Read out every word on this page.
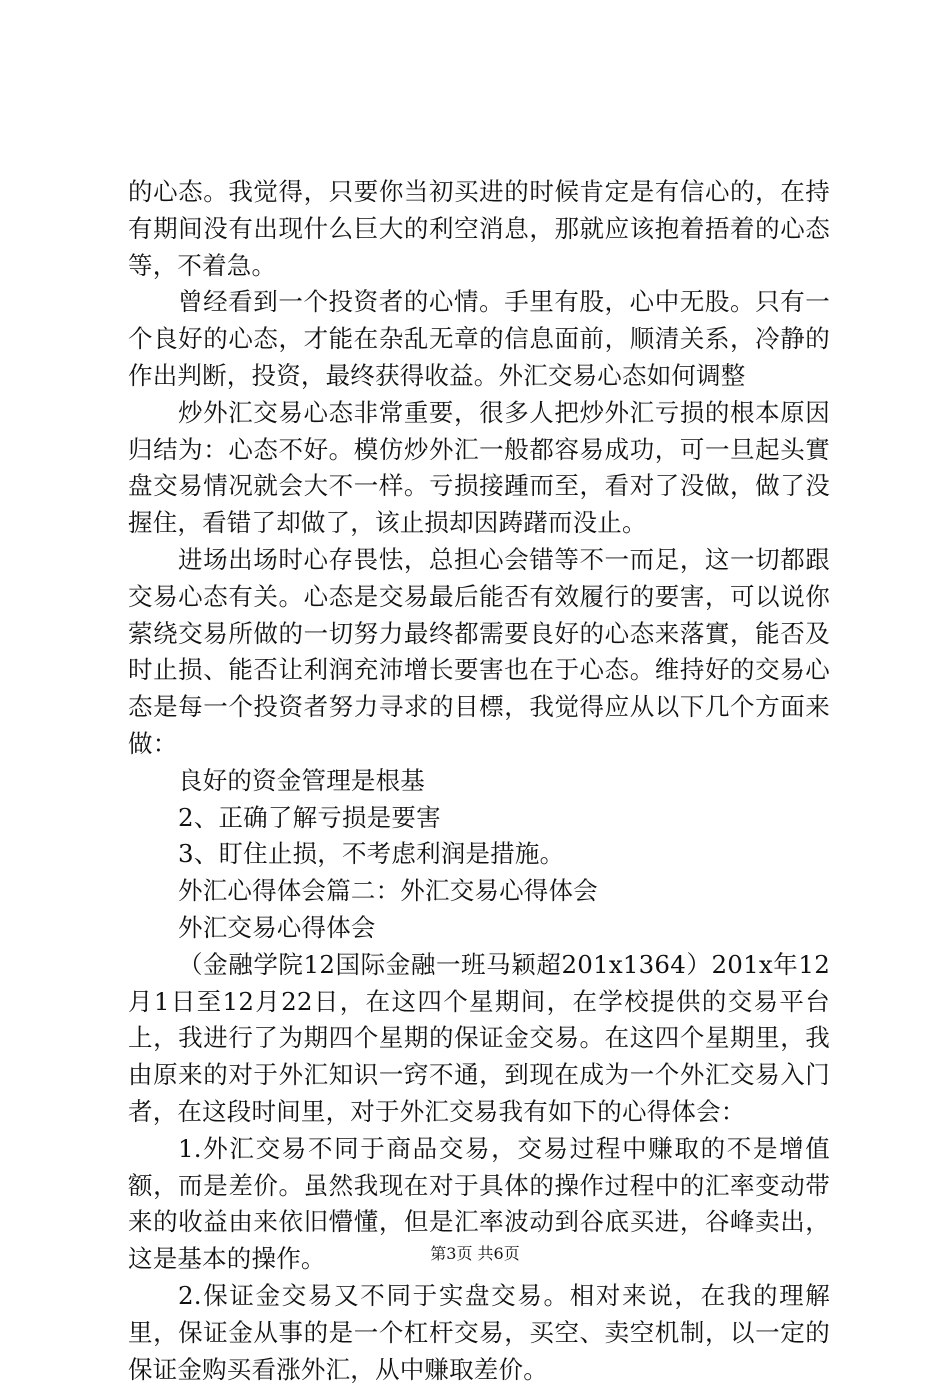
的心态。我觉得，只要你当初买进的时候肯定是有信心的，在持有期间没有出现什么巨大的利空消息，那就应该抱着捂着的心态等，不着急。

曾经看到一个投资者的心情。手里有股，心中无股。只有一个良好的心态，才能在杂乱无章的信息面前，顺清关系，冷静的作出判断，投资，最终获得收益。外汇交易心态如何调整

炒外汇交易心态非常重要，很多人把炒外汇亏损的根本原因归结为：心态不好。模仿炒外汇一般都容易成功，可一旦起头實盘交易情况就会大不一样。亏损接踵而至，看对了没做，做了没握住，看错了却做了，该止损却因踌躇而没止。

进场出场时心存畏怯，总担心会错等不一而足，这一切都跟交易心态有关。心态是交易最后能否有效履行的要害，可以说你萦绕交易所做的一切努力最终都需要良好的心态来落實，能否及时止损、能否让利润充沛增长要害也在于心态。维持好的交易心态是每一个投资者努力寻求的目標，我觉得应从以下几个方面来做：

良好的资金管理是根基

2、正确了解亏损是要害

3、盯住止损，不考虑利润是措施。

外汇心得体会篇二：外汇交易心得体会

外汇交易心得体会

（金融学院12国际金融一班马颖超201x1364）201x年12月1日至12月22日，在这四个星期间，在学校提供的交易平台上，我进行了为期四个星期的保证金交易。在这四个星期里，我由原来的对于外汇知识一窍不通，到现在成为一个外汇交易入门者，在这段时间里，对于外汇交易我有如下的心得体会：

1.外汇交易不同于商品交易，交易过程中赚取的不是增值额，而是差价。虽然我现在对于具体的操作过程中的汇率变动带来的收益由来依旧懵懂，但是汇率波动到谷底买进，谷峰卖出，这是基本的操作。

2.保证金交易又不同于实盘交易。相对来说，在我的理解里，保证金从事的是一个杠杆交易，买空、卖空机制，以一定的保证金购买看涨外汇，从中赚取差价。

第3页 共6页
